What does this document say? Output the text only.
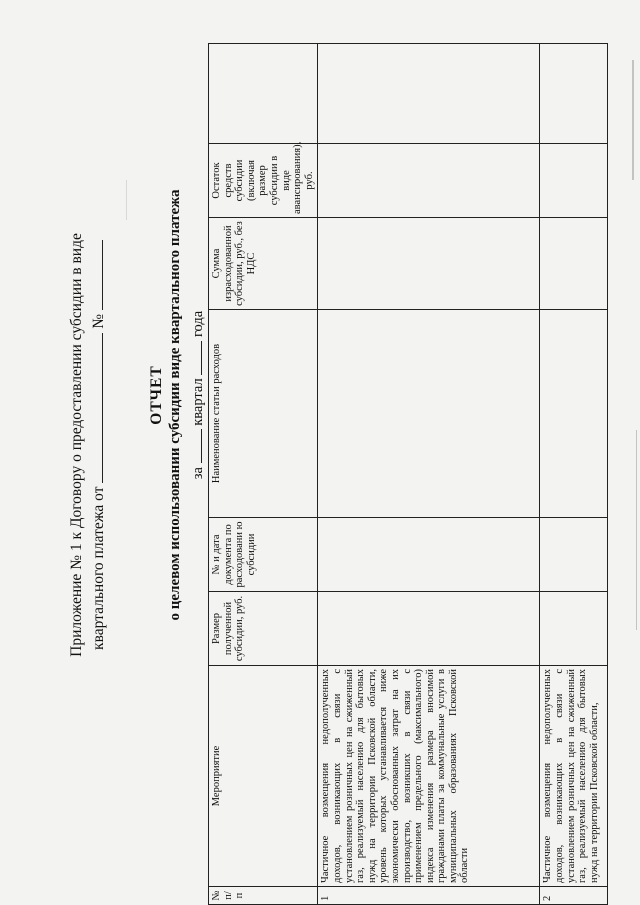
Приложение № 1 к Договору о предоставлении субсидии в виде квартального платежа от  №
ОТЧЕТ о целевом использовании субсидии виде квартального платежа за  квартал  года
№ п/ п	Мероприятие	Размер полученной субсидии, руб.	№ и дата документа по расходовани ю субсидии	Наименование статьи расходов	Сумма израсходованной субсидии, руб., без НДС	Остаток средств субсидии (включая размер субсидии в виде авансирования), руб.	
1	Частичное возмещения недополученных доходов, возникающих в связи с установлением розничных цен на сжиженный газ, реализуемый населению для бытовых нужд на территории Псковской области, уровень которых устанавливается ниже экономически обоснованных затрат на их производство, возникших в связи с применением предельного (максимального) индекса изменения размера вносимой гражданами платы за коммунальные услуги в муниципальных образованиях Псковской области						
2	Частичное возмещения недополученных доходов, возникающих в связи с установлением розничных цен на сжиженный газ, реализуемый населению для бытовых нужд на территории Псковской области,						
